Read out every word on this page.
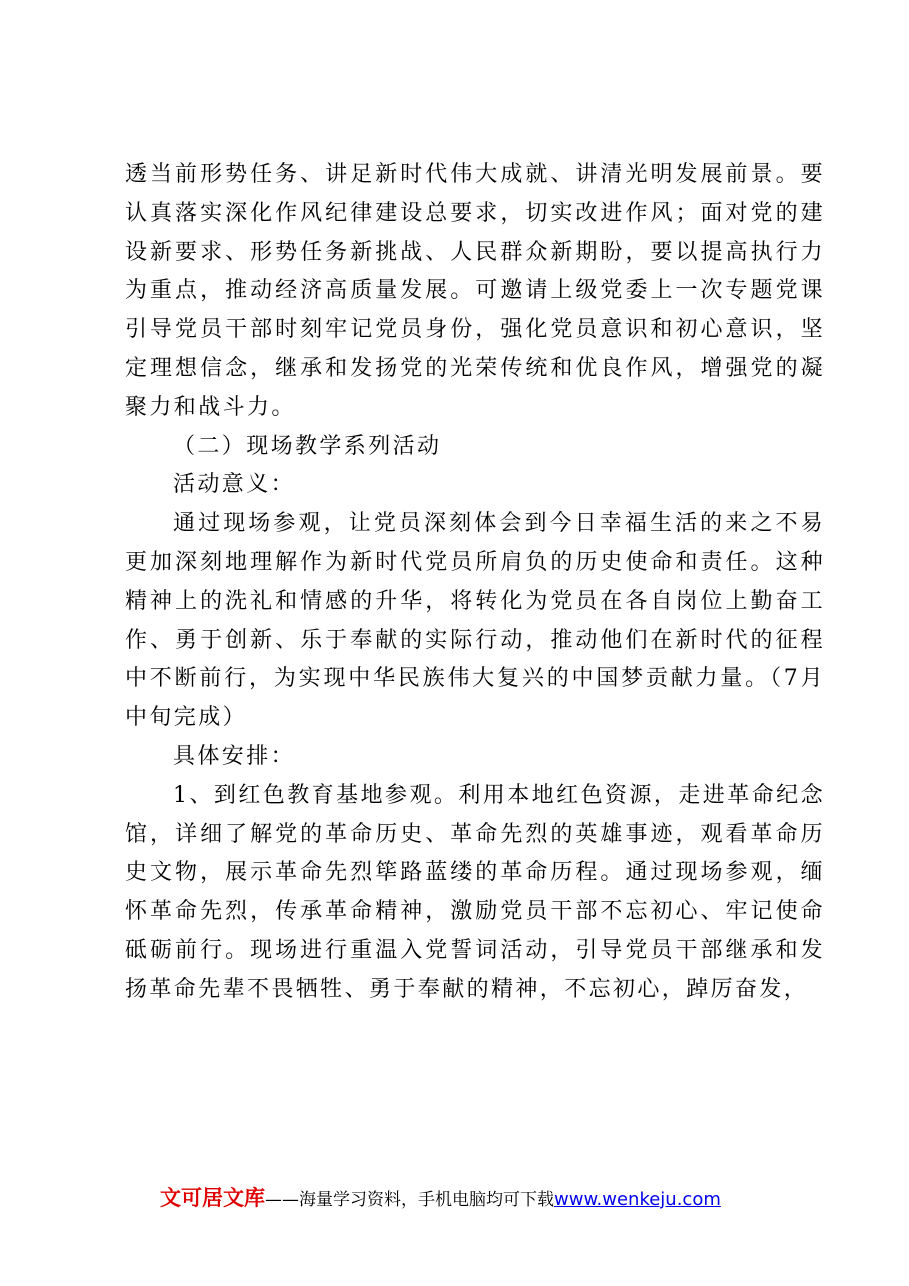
透当前形势任务、讲足新时代伟大成就、讲清光明发展前景。要认真落实深化作风纪律建设总要求，切实改进作风；面对党的建设新要求、形势任务新挑战、人民群众新期盼，要以提高执行力为重点，推动经济高质量发展。可邀请上级党委上一次专题党课引导党员干部时刻牢记党员身份，强化党员意识和初心意识，坚定理想信念，继承和发扬党的光荣传统和优良作风，增强党的凝聚力和战斗力。

（二）现场教学系列活动

活动意义：

通过现场参观，让党员深刻体会到今日幸福生活的来之不易更加深刻地理解作为新时代党员所肩负的历史使命和责任。这种精神上的洗礼和情感的升华，将转化为党员在各自岗位上勤奋工作、勇于创新、乐于奉献的实际行动，推动他们在新时代的征程中不断前行，为实现中华民族伟大复兴的中国梦贡献力量。（7月中旬完成）

具体安排：

1、到红色教育基地参观。利用本地红色资源，走进革命纪念馆，详细了解党的革命历史、革命先烈的英雄事迹，观看革命历史文物，展示革命先烈筚路蓝缕的革命历程。通过现场参观，缅怀革命先烈，传承革命精神，激励党员干部不忘初心、牢记使命砥砺前行。现场进行重温入党誓词活动，引导党员干部继承和发扬革命先辈不畏牺牲、勇于奉献的精神，不忘初心，踔厉奋发，

文可居文库——海量学习资料，手机电脑均可下载www.wenkeju.com
